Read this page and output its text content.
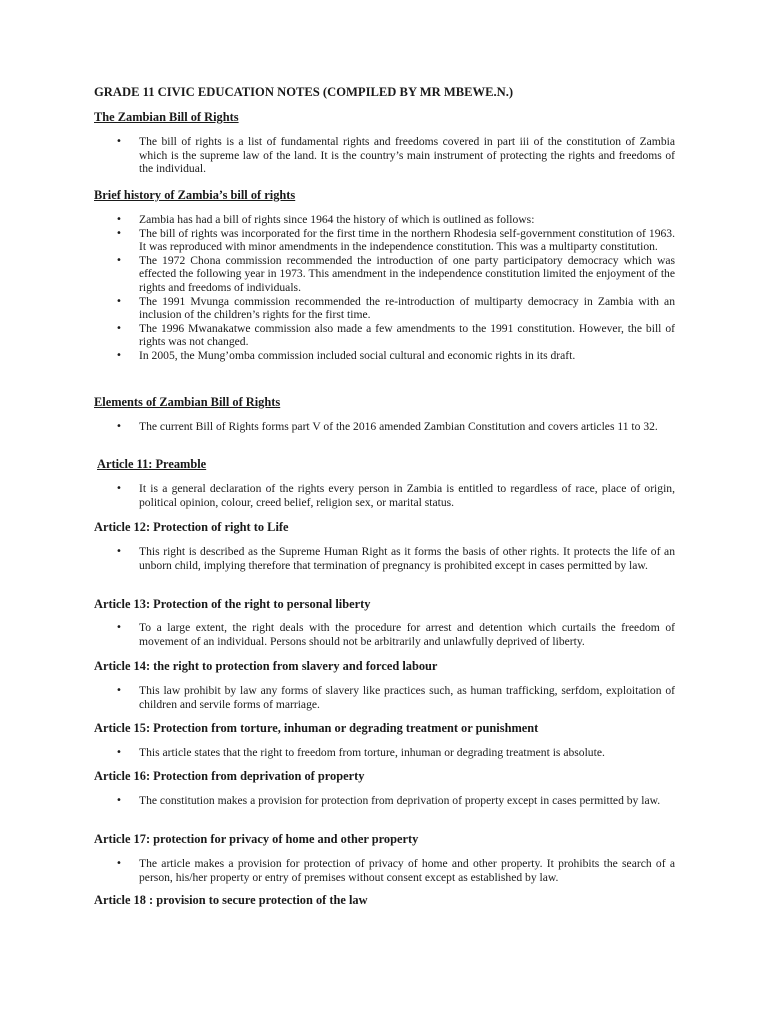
GRADE 11 CIVIC EDUCATION NOTES (COMPILED BY MR MBEWE.N.)
The Zambian Bill of Rights
• The bill of rights is a list of fundamental rights and freedoms covered in part iii of the constitution of Zambia which is the supreme law of the land. It is the country’s main instrument of protecting the rights and freedoms of the individual.
Brief history of Zambia’s bill of rights
• Zambia has had a bill of rights since 1964 the history of which is outlined as follows:
• The bill of rights was incorporated for the first time in the northern Rhodesia self-government constitution of 1963. It was reproduced with minor amendments in the independence constitution. This was a multiparty constitution.
• The 1972 Chona commission recommended the introduction of one party participatory democracy which was effected the following year in 1973. This amendment in the independence constitution limited the enjoyment of the rights and freedoms of individuals.
• The 1991 Mvunga commission recommended the re-introduction of multiparty democracy in Zambia with an inclusion of the children’s rights for the first time.
• The 1996 Mwanakatwe commission also made a few amendments to the 1991 constitution. However, the bill of rights was not changed.
• In 2005, the Mung’omba commission included social cultural and economic rights in its draft.
Elements of Zambian Bill of Rights
• The current Bill of Rights forms part V of the 2016 amended Zambian Constitution and covers articles 11 to 32.
Article 11: Preamble
• It is a general declaration of the rights every person in Zambia is entitled to regardless of race, place of origin, political opinion, colour, creed belief, religion sex, or marital status.
Article 12: Protection of right to Life
• This right is described as the Supreme Human Right as it forms the basis of other rights. It protects the life of an unborn child, implying therefore that termination of pregnancy is prohibited except in cases permitted by law.
Article 13: Protection of the right to personal liberty
• To a large extent, the right deals with the procedure for arrest and detention which curtails the freedom of movement of an individual. Persons should not be arbitrarily and unlawfully deprived of liberty.
Article 14: the right to protection from slavery and forced labour
• This law prohibit by law any forms of slavery like practices such, as human trafficking, serfdom, exploitation of children and servile forms of marriage.
Article 15: Protection from torture, inhuman or degrading treatment or punishment
• This article states that the right to freedom from torture, inhuman or degrading treatment is absolute.
Article 16: Protection from deprivation of property
• The constitution makes a provision for protection from deprivation of property except in cases permitted by law.
Article 17: protection for privacy of home and other property
• The article makes a provision for protection of privacy of home and other property. It prohibits the search of a person, his/her property or entry of premises without consent except as established by law.
Article 18 : provision to secure protection of the law
